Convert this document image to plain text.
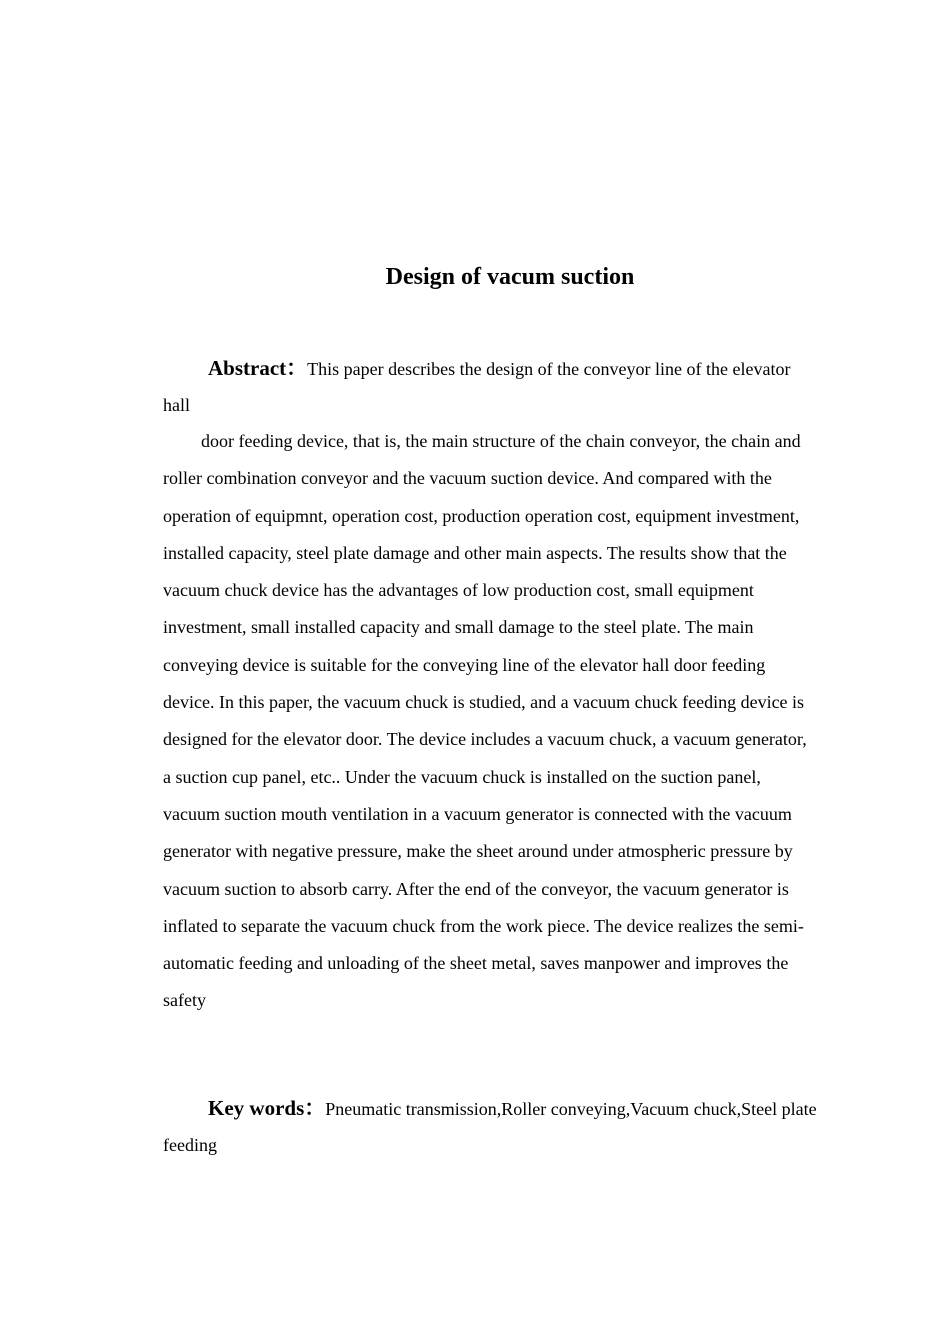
Design of vacum suction
Abstract：This paper describes the design of the conveyor line of the elevator hall
door feeding device, that is, the main structure of the chain conveyor, the chain and roller combination conveyor and the vacuum suction device. And compared with the operation of equipmnt, operation cost, production operation cost, equipment investment, installed capacity, steel plate damage and other main aspects. The results show that the vacuum chuck device has the advantages of low production cost, small equipment investment, small installed capacity and small damage to the steel plate. The main conveying device is suitable for the conveying line of the elevator hall door feeding device. In this paper, the vacuum chuck is studied, and a vacuum chuck feeding device is designed for the elevator door. The device includes a vacuum chuck, a vacuum generator, a suction cup panel, etc.. Under the vacuum chuck is installed on the suction panel, vacuum suction mouth ventilation in a vacuum generator is connected with the vacuum generator with negative pressure, make the sheet around under atmospheric pressure by vacuum suction to absorb carry. After the end of the conveyor, the vacuum generator is inflated to separate the vacuum chuck from the work piece. The device realizes the semi-automatic feeding and unloading of the sheet metal, saves manpower and improves the safety
Key words：Pneumatic transmission,Roller conveying,Vacuum chuck,Steel plate feeding
